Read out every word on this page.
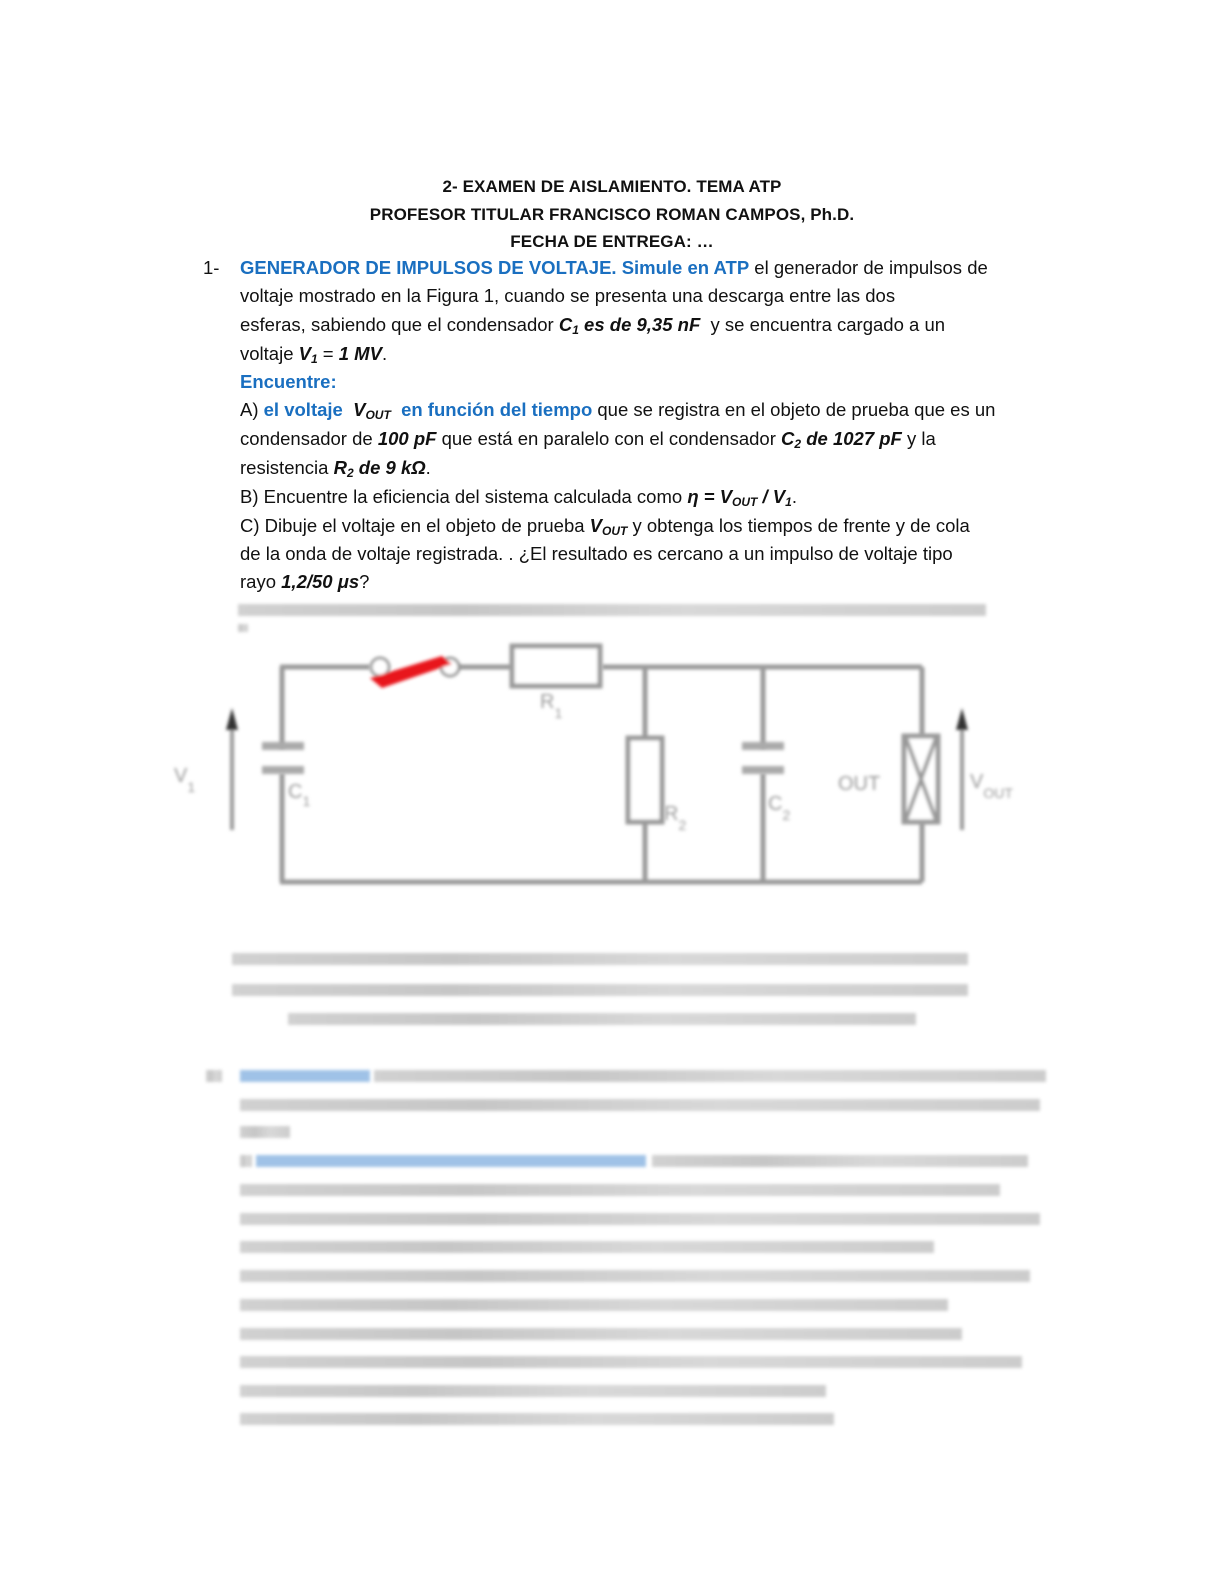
2- EXAMEN DE AISLAMIENTO. TEMA ATP
PROFESOR TITULAR FRANCISCO ROMAN CAMPOS, Ph.D.
FECHA DE ENTREGA: …
1- GENERADOR DE IMPULSOS DE VOLTAJE. Simule en ATP el generador de impulsos de
voltaje mostrado en la Figura 1, cuando se presenta una descarga entre las dos
esferas, sabiendo que el condensador $C_1$ es de 9,35 nF  y se encuentra cargado a un
voltaje $V_1 = 1$ MV.
Encuentre:
A) el voltaje  $V_{OUT}$  en función del tiempo que se registra en el objeto de prueba que es un
condensador de 100 pF que está en paralelo con el condensador $C_2$ de 1027 pF y la
resistencia $R_2$ de 9 kΩ.
B) Encuentre la eficiencia del sistema calculada como $\eta = V_{OUT} / V_1$.
C) Dibuje el voltaje en el objeto de prueba $V_{OUT}$ y obtenga los tiempos de frente y de cola
de la onda de voltaje registrada. . ¿El resultado es cercano a un impulso de voltaje tipo
rayo 1,2/50 μs?
$V_1$	$C_1$
$R_1$
$R_2$
$C_2$
OUT	$V_{OUT}$
